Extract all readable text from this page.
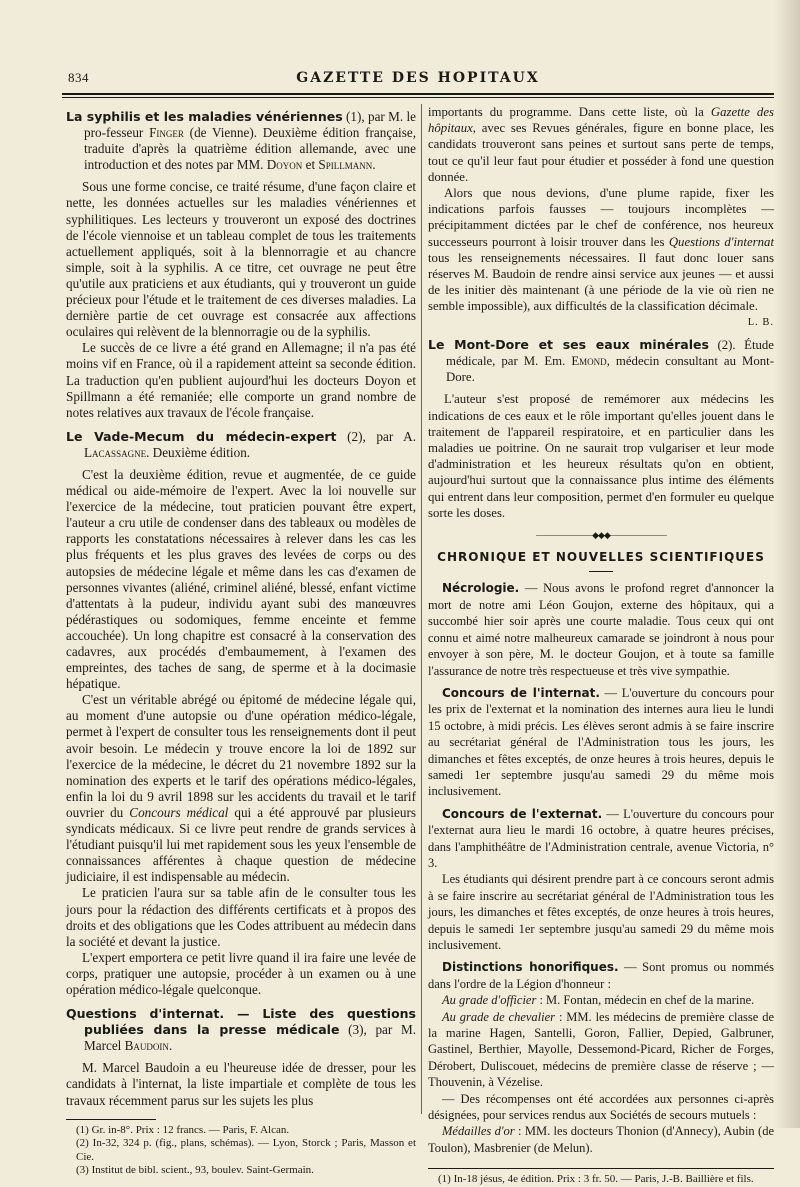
834	GAZETTE DES HOPITAUX

La syphilis et les maladies vénériennes (1), par M. le pro-fesseur Finger (de Vienne). Deuxième édition française, traduite d'après la quatrième édition allemande, avec une introduction et des notes par MM. Doyon et Spillmann.

Sous une forme concise, ce traité résume, d'une façon claire et nette, les données actuelles sur les maladies vénériennes et syphilitiques. Les lecteurs y trouveront un exposé des doctrines de l'école viennoise et un tableau complet de tous les traitements actuellement appliqués, soit à la blennorragie et au chancre simple, soit à la syphilis. A ce titre, cet ouvrage ne peut être qu'utile aux praticiens et aux étudiants, qui y trouveront un guide précieux pour l'étude et le traitement de ces diverses maladies. La dernière partie de cet ouvrage est consacrée aux affections oculaires qui relèvent de la blennorragie ou de la syphilis.

Le succès de ce livre a été grand en Allemagne; il n'a pas été moins vif en France, où il a rapidement atteint sa seconde édition. La traduction qu'en publient aujourd'hui les docteurs Doyon et Spillmann a été remaniée; elle comporte un grand nombre de notes relatives aux travaux de l'école française.

Le Vade-Mecum du médecin-expert (2), par A. Lacassagne. Deuxième édition.

C'est la deuxième édition, revue et augmentée, de ce guide médical ou aide-mémoire de l'expert. Avec la loi nouvelle sur l'exercice de la médecine, tout praticien pouvant être expert, l'auteur a cru utile de condenser dans des tableaux ou modèles de rapports les constatations nécessaires à relever dans les cas les plus fréquents et les plus graves des levées de corps ou des autopsies de médecine légale et même dans les cas d'examen de personnes vivantes (aliéné, criminel aliéné, blessé, enfant victime d'attentats à la pudeur, individu ayant subi des manœuvres pédérastiques ou sodomiques, femme enceinte et femme accouchée). Un long chapitre est consacré à la conservation des cadavres, aux procédés d'embaumement, à l'examen des empreintes, des taches de sang, de sperme et à la docimasie hépatique.

C'est un véritable abrégé ou épitomé de médecine légale qui, au moment d'une autopsie ou d'une opération médico-légale, permet à l'expert de consulter tous les renseignements dont il peut avoir besoin. Le médecin y trouve encore la loi de 1892 sur l'exercice de la médecine, le décret du 21 novembre 1892 sur la nomination des experts et le tarif des opérations médico-légales, enfin la loi du 9 avril 1898 sur les accidents du travail et le tarif ouvrier du Concours médical qui a été approuvé par plusieurs syndicats médicaux. Si ce livre peut rendre de grands services à l'étudiant puisqu'il lui met rapidement sous les yeux l'ensemble de connaissances afférentes à chaque question de médecine judiciaire, il est indispensable au médecin.

Le praticien l'aura sur sa table afin de le consulter tous les jours pour la rédaction des différents certificats et à propos des droits et des obligations que les Codes attribuent au médecin dans la société et devant la justice.

L'expert emportera ce petit livre quand il ira faire une levée de corps, pratiquer une autopsie, procéder à un examen ou à une opération médico-légale quelconque.

Questions d'internat. — Liste des questions publiées dans la presse médicale (3), par M. Marcel Baudoin.

M. Marcel Baudoin a eu l'heureuse idée de dresser, pour les candidats à l'internat, la liste impartiale et complète de tous les travaux récemment parus sur les sujets les plus

(1) Gr. in-8°. Prix : 12 francs. — Paris, F. Alcan.

(2) In-32, 324 p. (fig., plans, schémas). — Lyon, Storck ; Paris, Masson et Cie.

(3) Institut de bibl. scient., 93, boulev. Saint-Germain.

importants du programme. Dans cette liste, où la Gazette des hôpitaux, avec ses Revues générales, figure en bonne place, les candidats trouveront sans peines et surtout sans perte de temps, tout ce qu'il leur faut pour étudier et posséder à fond une question donnée.

Alors que nous devions, d'une plume rapide, fixer les indications parfois fausses — toujours incomplètes — précipitamment dictées par le chef de conférence, nos heureux successeurs pourront à loisir trouver dans les Questions d'internat tous les renseignements nécessaires. Il faut donc louer sans réserves M. Baudoin de rendre ainsi service aux jeunes — et aussi de les initier dès maintenant (à une période de la vie où rien ne semble impossible), aux difficultés de la classification décimale.

L. B.

Le Mont-Dore et ses eaux minérales (2). Étude médicale, par M. Em. Emond, médecin consultant au Mont-Dore.

L'auteur s'est proposé de remémorer aux médecins les indications de ces eaux et le rôle important qu'elles jouent dans le traitement de l'appareil respiratoire, et en particulier dans les maladies ue poitrine. On ne saurait trop vulgariser et leur mode d'administration et les heureux résultats qu'on en obtient, aujourd'hui surtout que la connaissance plus intime des éléments qui entrent dans leur composition, permet d'en formuler eu quelque sorte les doses.

———————◆◆◆———————
CHRONIQUE ET NOUVELLES SCIENTIFIQUES

Nécrologie. — Nous avons le profond regret d'annoncer la mort de notre ami Léon Goujon, externe des hôpitaux, qui a succombé hier soir après une courte maladie. Tous ceux qui ont connu et aimé notre malheureux camarade se joindront à nous pour envoyer à son père, M. le docteur Goujon, et à toute sa famille l'assurance de notre très respectueuse et très vive sympathie.

Concours de l'internat. — L'ouverture du concours pour les prix de l'externat et la nomination des internes aura lieu le lundi 15 octobre, à midi précis. Les élèves seront admis à se faire inscrire au secrétariat général de l'Administration tous les jours, les dimanches et fêtes exceptés, de onze heures à trois heures, depuis le samedi 1er septembre jusqu'au samedi 29 du même mois inclusivement.

Concours de l'externat. — L'ouverture du concours pour l'externat aura lieu le mardi 16 octobre, à quatre heures précises, dans l'amphithéâtre de l'Administration centrale, avenue Victoria, n° 3.

Les étudiants qui désirent prendre part à ce concours seront admis à se faire inscrire au secrétariat général de l'Administration tous les jours, les dimanches et fêtes exceptés, de onze heures à trois heures, depuis le samedi 1er septembre jusqu'au samedi 29 du même mois inclusivement.

Distinctions honorifiques. — Sont promus ou nommés dans l'ordre de la Légion d'honneur :

Au grade d'officier : M. Fontan, médecin en chef de la marine.

Au grade de chevalier : MM. les médecins de première classe de la marine Hagen, Santelli, Goron, Fallier, Depied, Galbruner, Gastinel, Berthier, Mayolle, Dessemond-Picard, Richer de Forges, Dérobert, Duliscouet, médecins de première classe de réserve ; — Thouvenin, à Vézelise.

— Des récompenses ont été accordées aux personnes ci-après désignées, pour services rendus aux Sociétés de secours mutuels :

Médailles d'or : MM. les docteurs Thonion (d'Annecy), Aubin (de Toulon), Masbrenier (de Melun).

(1) In-18 jésus, 4e édition. Prix : 3 fr. 50. — Paris, J.-B. Baillière et fils.
